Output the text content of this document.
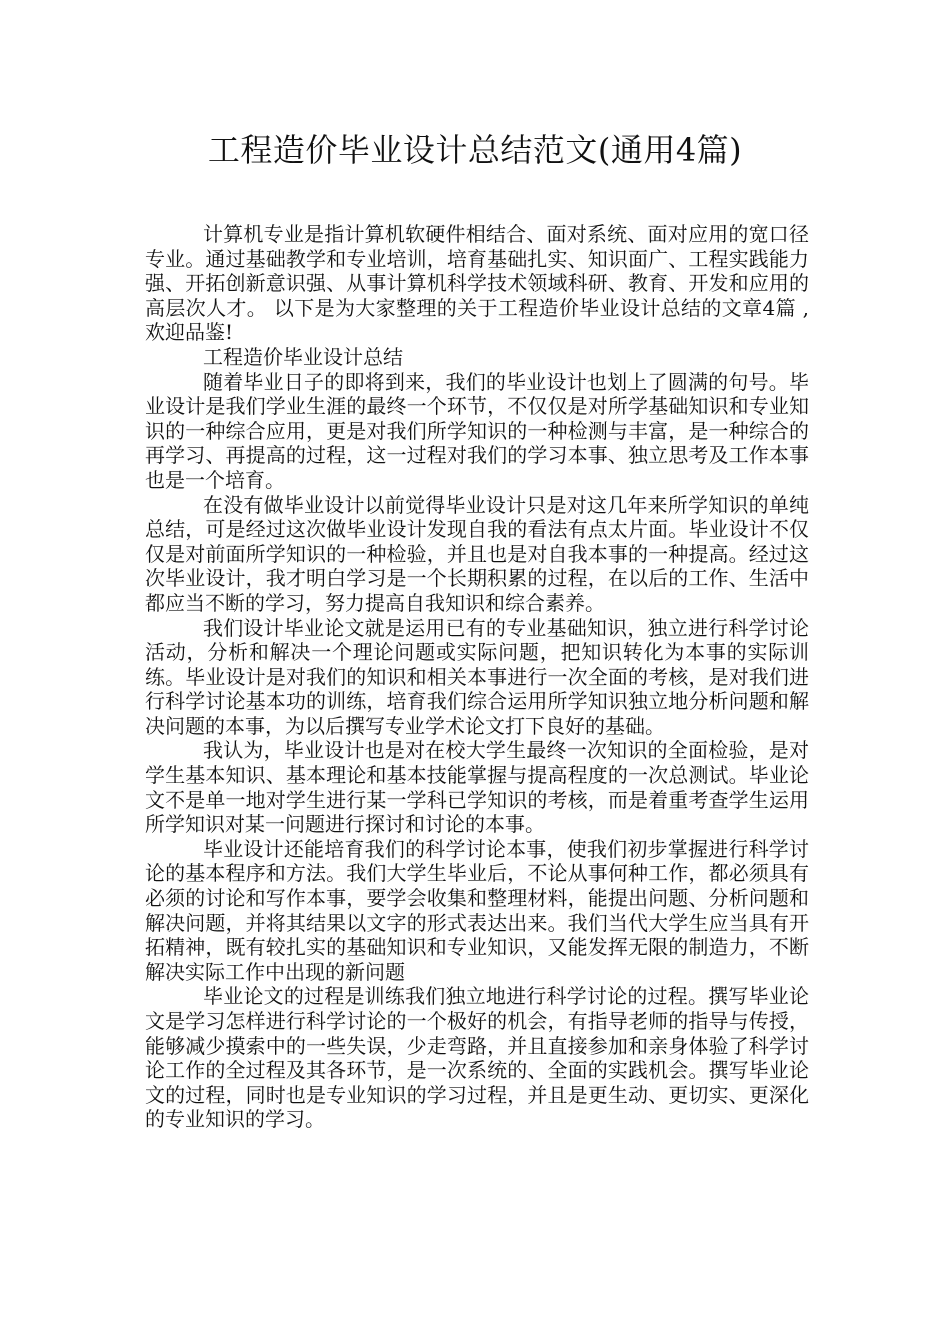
工程造价毕业设计总结范文(通用4篇)

计算机专业是指计算机软硬件相结合、面对系统、面对应用的宽口径专业。通过基础教学和专业培训，培育基础扎实、知识面广、工程实践能力强、开拓创新意识强、从事计算机科学技术领域科研、教育、开发和应用的高层次人才。 以下是为大家整理的关于工程造价毕业设计总结的文章4篇 ,欢迎品鉴!

工程造价毕业设计总结

随着毕业日子的即将到来，我们的毕业设计也划上了圆满的句号。毕业设计是我们学业生涯的最终一个环节，不仅仅是对所学基础知识和专业知识的一种综合应用，更是对我们所学知识的一种检测与丰富，是一种综合的再学习、再提高的过程，这一过程对我们的学习本事、独立思考及工作本事也是一个培育。

在没有做毕业设计以前觉得毕业设计只是对这几年来所学知识的单纯总结，可是经过这次做毕业设计发现自我的看法有点太片面。毕业设计不仅仅是对前面所学知识的一种检验，并且也是对自我本事的一种提高。经过这次毕业设计，我才明白学习是一个长期积累的过程，在以后的工作、生活中都应当不断的学习，努力提高自我知识和综合素养。

我们设计毕业论文就是运用已有的专业基础知识，独立进行科学讨论活动，分析和解决一个理论问题或实际问题，把知识转化为本事的实际训练。毕业设计是对我们的知识和相关本事进行一次全面的考核，是对我们进行科学讨论基本功的训练，培育我们综合运用所学知识独立地分析问题和解决问题的本事，为以后撰写专业学术论文打下良好的基础。

我认为，毕业设计也是对在校大学生最终一次知识的全面检验，是对学生基本知识、基本理论和基本技能掌握与提高程度的一次总测试。毕业论文不是单一地对学生进行某一学科已学知识的考核，而是着重考查学生运用所学知识对某一问题进行探讨和讨论的本事。

毕业设计还能培育我们的科学讨论本事，使我们初步掌握进行科学讨论的基本程序和方法。我们大学生毕业后，不论从事何种工作，都必须具有必须的讨论和写作本事，要学会收集和整理材料，能提出问题、分析问题和解决问题，并将其结果以文字的形式表达出来。我们当代大学生应当具有开拓精神，既有较扎实的基础知识和专业知识，又能发挥无限的制造力，不断解决实际工作中出现的新问题

毕业论文的过程是训练我们独立地进行科学讨论的过程。撰写毕业论文是学习怎样进行科学讨论的一个极好的机会，有指导老师的指导与传授，能够减少摸索中的一些失误，少走弯路，并且直接参加和亲身体验了科学讨论工作的全过程及其各环节，是一次系统的、全面的实践机会。撰写毕业论文的过程，同时也是专业知识的学习过程，并且是更生动、更切实、更深化的专业知识的学习。
